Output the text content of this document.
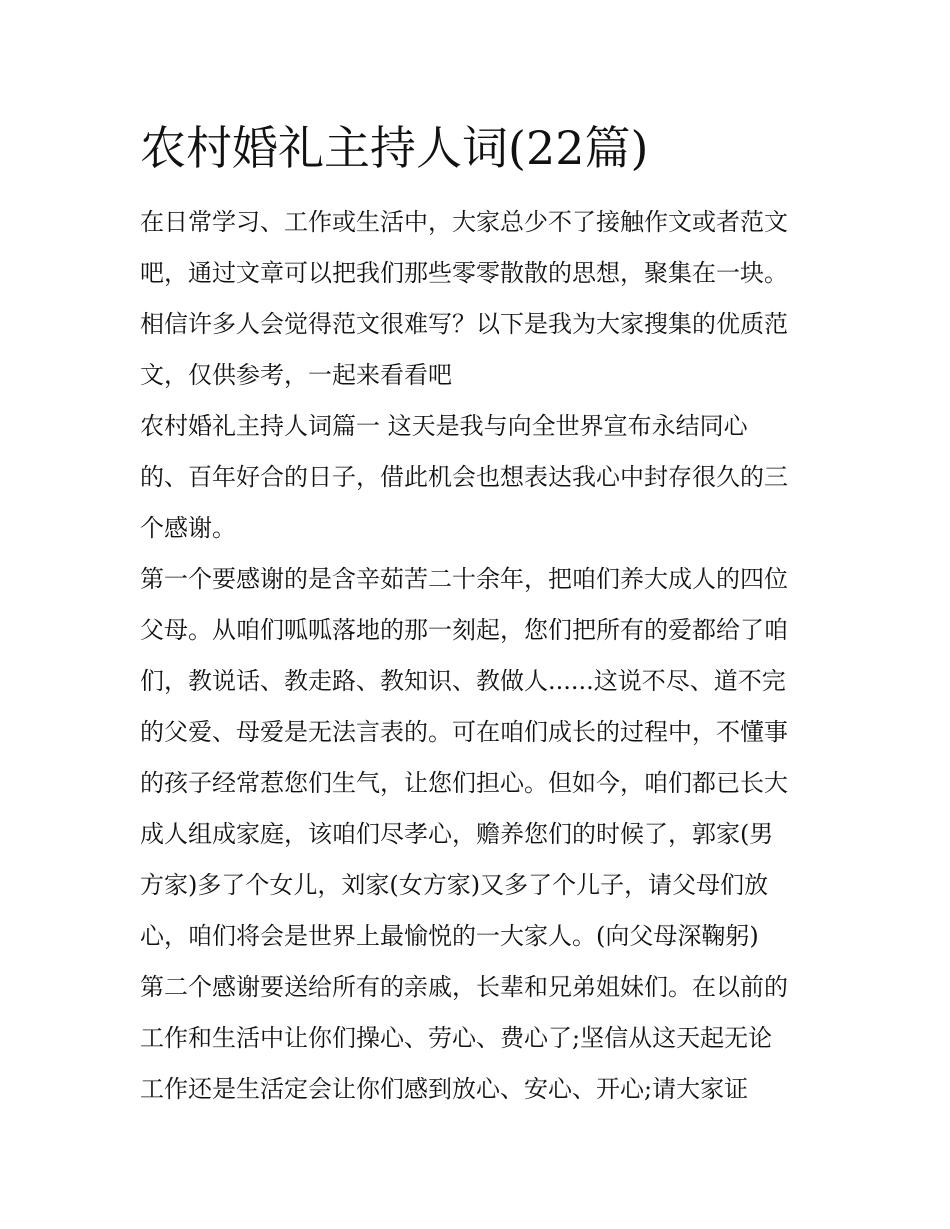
农村婚礼主持人词(22篇)
在日常学习、工作或生活中，大家总少不了接触作文或者范文
吧，通过文章可以把我们那些零零散散的思想，聚集在一块。
相信许多人会觉得范文很难写？以下是我为大家搜集的优质范
文，仅供参考，一起来看看吧
农村婚礼主持人词篇一 这天是我与向全世界宣布永结同心
的、百年好合的日子，借此机会也想表达我心中封存很久的三
个感谢。
第一个要感谢的是含辛茹苦二十余年，把咱们养大成人的四位
父母。从咱们呱呱落地的那一刻起，您们把所有的爱都给了咱
们，教说话、教走路、教知识、教做人......这说不尽、道不完
的父爱、母爱是无法言表的。可在咱们成长的过程中，不懂事
的孩子经常惹您们生气，让您们担心。但如今，咱们都已长大
成人组成家庭，该咱们尽孝心，赡养您们的时候了，郭家(男
方家)多了个女儿，刘家(女方家)又多了个儿子，请父母们放
心，咱们将会是世界上最愉悦的一大家人。(向父母深鞠躬)
第二个感谢要送给所有的亲戚，长辈和兄弟姐妹们。在以前的
工作和生活中让你们操心、劳心、费心了;坚信从这天起无论
工作还是生活定会让你们感到放心、安心、开心;请大家证
